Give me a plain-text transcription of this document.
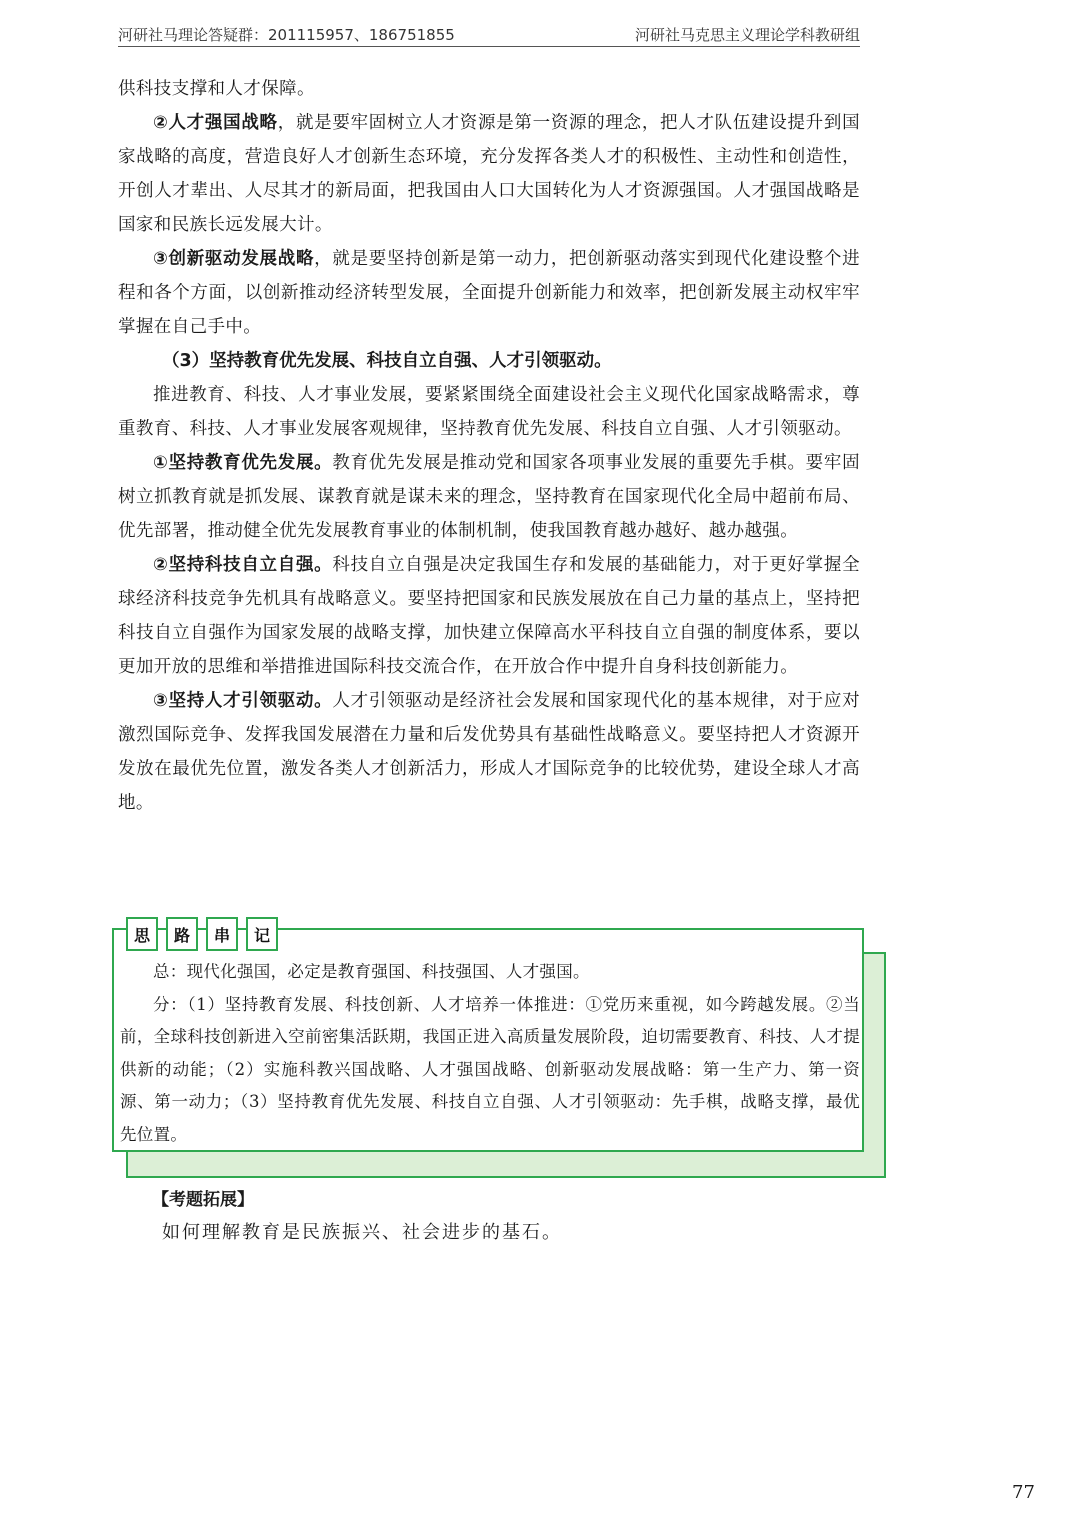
河研社马理论答疑群：201115957、186751855	河研社马克思主义理论学科教研组

供科技支撑和人才保障。

②人才强国战略，就是要牢固树立人才资源是第一资源的理念，把人才队伍建设提升到国家战略的高度，营造良好人才创新生态环境，充分发挥各类人才的积极性、主动性和创造性，开创人才辈出、人尽其才的新局面，把我国由人口大国转化为人才资源强国。人才强国战略是国家和民族长远发展大计。

③创新驱动发展战略，就是要坚持创新是第一动力，把创新驱动落实到现代化建设整个进程和各个方面，以创新推动经济转型发展，全面提升创新能力和效率，把创新发展主动权牢牢掌握在自己手中。

（3）坚持教育优先发展、科技自立自强、人才引领驱动。

推进教育、科技、人才事业发展，要紧紧围绕全面建设社会主义现代化国家战略需求，尊重教育、科技、人才事业发展客观规律，坚持教育优先发展、科技自立自强、人才引领驱动。

①坚持教育优先发展。教育优先发展是推动党和国家各项事业发展的重要先手棋。要牢固树立抓教育就是抓发展、谋教育就是谋未来的理念，坚持教育在国家现代化全局中超前布局、优先部署，推动健全优先发展教育事业的体制机制，使我国教育越办越好、越办越强。

②坚持科技自立自强。科技自立自强是决定我国生存和发展的基础能力，对于更好掌握全球经济科技竞争先机具有战略意义。要坚持把国家和民族发展放在自己力量的基点上，坚持把科技自立自强作为国家发展的战略支撑，加快建立保障高水平科技自立自强的制度体系，要以更加开放的思维和举措推进国际科技交流合作，在开放合作中提升自身科技创新能力。

③坚持人才引领驱动。人才引领驱动是经济社会发展和国家现代化的基本规律，对于应对激烈国际竞争、发挥我国发展潜在力量和后发优势具有基础性战略意义。要坚持把人才资源开发放在最优先位置，激发各类人才创新活力，形成人才国际竞争的比较优势，建设全球人才高地。

思	路	串	记

总：现代化强国，必定是教育强国、科技强国、人才强国。

分：（1）坚持教育发展、科技创新、人才培养一体推进：①党历来重视，如今跨越发展。②当前，全球科技创新进入空前密集活跃期，我国正进入高质量发展阶段，迫切需要教育、科技、人才提供新的动能；（2）实施科教兴国战略、人才强国战略、创新驱动发展战略：第一生产力、第一资源、第一动力；（3）坚持教育优先发展、科技自立自强、人才引领驱动：先手棋，战略支撑，最优先位置。

【考题拓展】
如何理解教育是民族振兴、社会进步的基石。
77
